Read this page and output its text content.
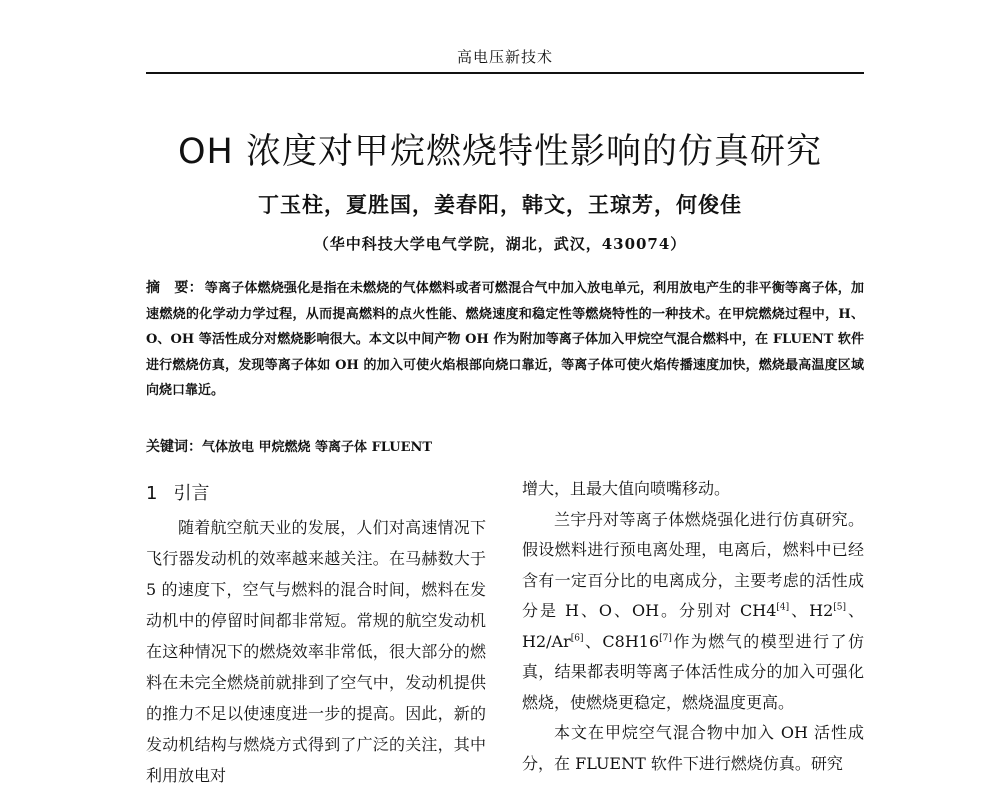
高电压新技术
OH 浓度对甲烷燃烧特性影响的仿真研究
丁玉柱，夏胜国，姜春阳，韩文，王琼芳，何俊佳
（华中科技大学电气学院，湖北，武汉，430074）
摘　要： 等离子体燃烧强化是指在未燃烧的气体燃料或者可燃混合气中加入放电单元，利用放电产生的非平衡等离子体，加速燃烧的化学动力学过程，从而提高燃料的点火性能、燃烧速度和稳定性等燃烧特性的一种技术。在甲烷燃烧过程中，H、O、OH 等活性成分对燃烧影响很大。本文以中间产物 OH 作为附加等离子体加入甲烷空气混合燃料中，在 FLUENT 软件进行燃烧仿真，发现等离子体如 OH 的加入可使火焰根部向烧口靠近，等离子体可使火焰传播速度加快，燃烧最高温度区域向烧口靠近。
关键词：气体放电 甲烷燃烧 等离子体 FLUENT
1 引言

随着航空航天业的发展，人们对高速情况下飞行器发动机的效率越来越关注。在马赫数大于 5 的速度下，空气与燃料的混合时间，燃料在发动机中的停留时间都非常短。常规的航空发动机在这种情况下的燃烧效率非常低，很大部分的燃料在未完全燃烧前就排到了空气中，发动机提供的推力不足以使速度进一步的提高。因此，新的发动机结构与燃烧方式得到了广泛的关注，其中利用放电对

增大，且最大值向喷嘴移动。

兰宇丹对等离子体燃烧强化进行仿真研究。假设燃料进行预电离处理，电离后，燃料中已经含有一定百分比的电离成分，主要考虑的活性成分是 H、O、OH。分别对 CH4[4]、H2[5]、H2/Ar[6]、C8H16[7]作为燃气的模型进行了仿真，结果都表明等离子体活性成分的加入可强化燃烧，使燃烧更稳定，燃烧温度更高。

本文在甲烷空气混合物中加入 OH 活性成分，在 FLUENT 软件下进行燃烧仿真。研究
